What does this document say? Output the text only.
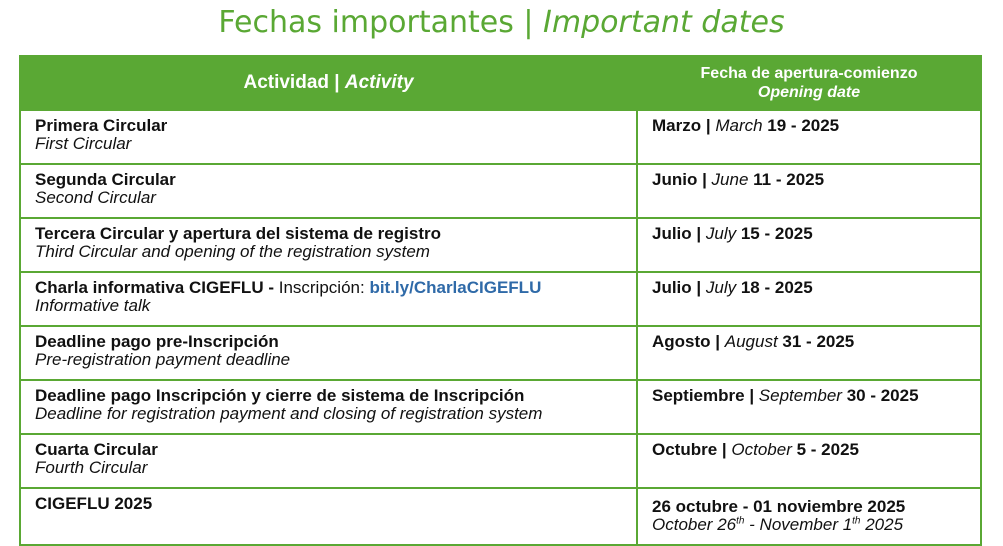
Fechas importantes | Important dates
Actividad | Activity	Fecha de apertura-comienzo
Opening date

Primera Circular
First Circular	Marzo | March 19 - 2025

Segunda Circular
Second Circular	Junio | June 11 - 2025

Tercera Circular y apertura del sistema de registro
Third Circular and opening of the registration system	Julio | July 15 - 2025

Charla informativa CIGEFLU - Inscripción: bit.ly/CharlaCIGEFLU
Informative talk	Julio | July 18 - 2025

Deadline pago pre-Inscripción
Pre-registration payment deadline	Agosto | August 31 - 2025

Deadline pago Inscripción y cierre de sistema de Inscripción
Deadline for registration payment and closing of registration system	Septiembre | September 30 - 2025

Cuarta Circular
Fourth Circular	Octubre | October 5 - 2025

CIGEFLU 2025	26 octubre - 01 noviembre 2025
October 26th - November 1th 2025
